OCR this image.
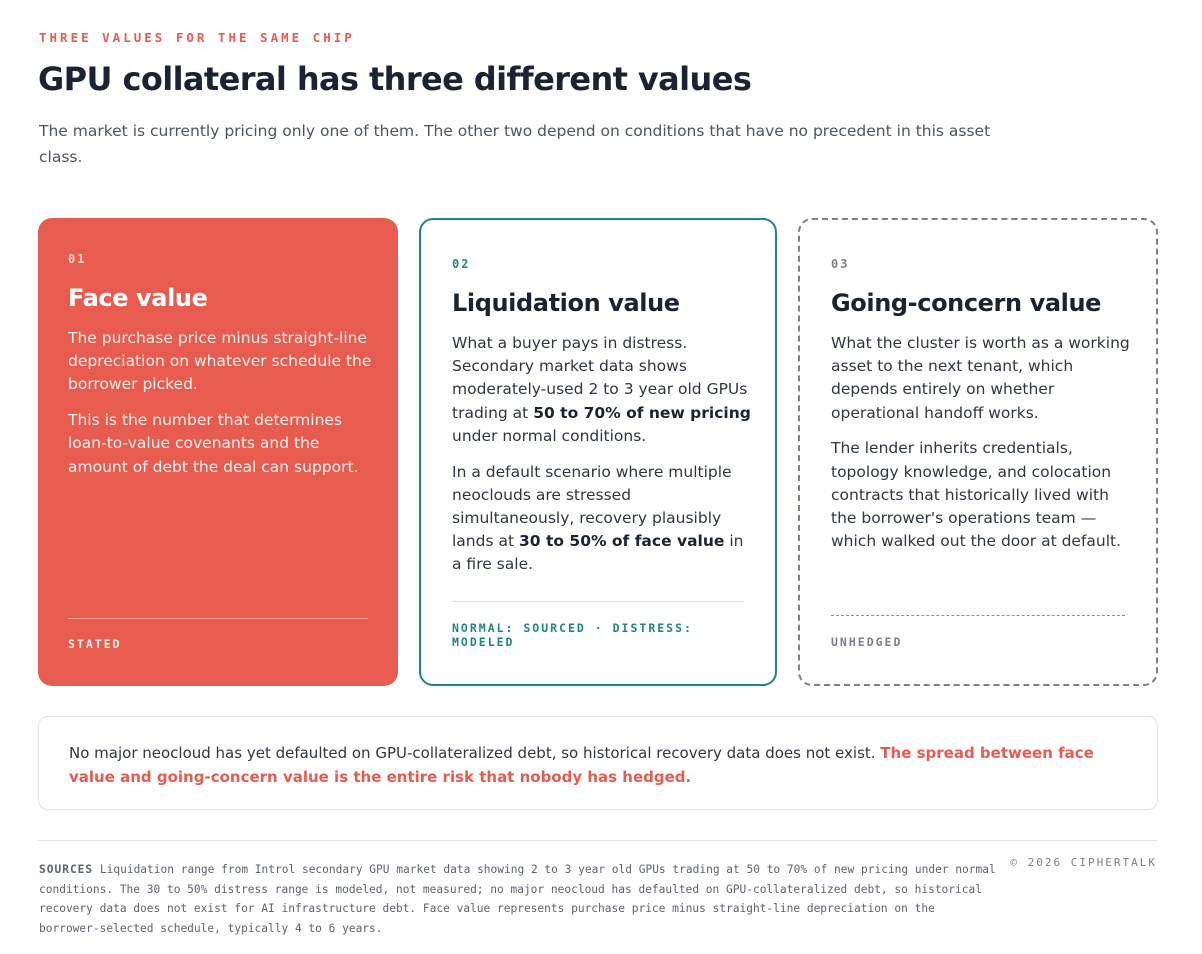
THREE VALUES FOR THE SAME CHIP
GPU collateral has three different values

The market is currently pricing only one of them. The other two depend on conditions that have no precedent in this asset class.

01
Face value

The purchase price minus straight-line depreciation on whatever schedule the borrower picked.

This is the number that determines loan-to-value covenants and the amount of debt the deal can support.

STATED
02
Liquidation value

What a buyer pays in distress. Secondary market data shows moderately-used 2 to 3 year old GPUs trading at 50 to 70% of new pricing under normal conditions.

In a default scenario where multiple neoclouds are stressed simultaneously, recovery plausibly lands at 30 to 50% of face value in a fire sale.

NORMAL: SOURCED · DISTRESS: MODELED
03
Going-concern value

What the cluster is worth as a working asset to the next tenant, which depends entirely on whether operational handoff works.

The lender inherits credentials, topology knowledge, and colocation contracts that historically lived with the borrower's operations team — which walked out the door at default.

UNHEDGED
No major neocloud has yet defaulted on GPU-collateralized debt, so historical recovery data does not exist. The spread between face value and going-concern value is the entire risk that nobody has hedged.
SOURCES Liquidation range from Introl secondary GPU market data showing 2 to 3 year old GPUs trading at 50 to 70% of new pricing under normal conditions. The 30 to 50% distress range is modeled, not measured; no major neocloud has defaulted on GPU-collateralized debt, so historical recovery data does not exist for AI infrastructure debt. Face value represents purchase price minus straight-line depreciation on the borrower-selected schedule, typically 4 to 6 years.
© 2026 CIPHERTALK
